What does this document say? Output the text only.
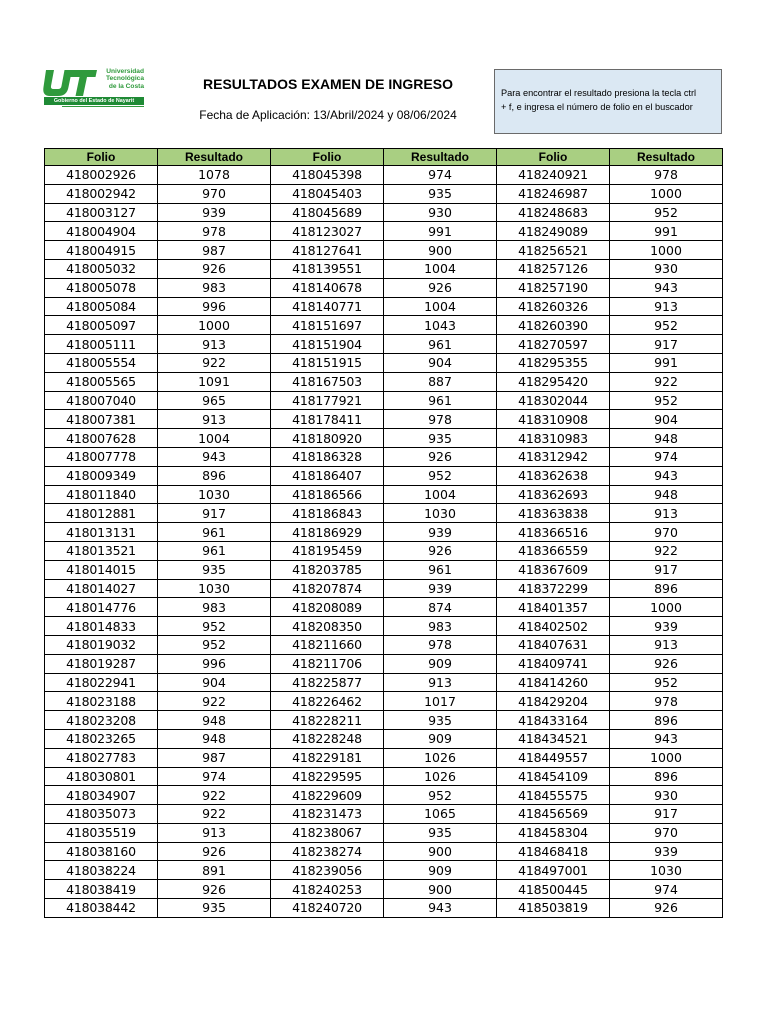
Universidad
Tecnológica
de la Costa
Gobierno del Estado de Nayarit
RESULTADOS EXAMEN DE INGRESO
Fecha de Aplicación: 13/Abril/2024 y 08/06/2024
Para encontrar el resultado presiona la tecla ctrl
+ f, e ingresa el número de folio en el buscador
Folio	Resultado	Folio	Resultado	Folio	Resultado
418002926	1078	418045398	974	418240921	978
418002942	970	418045403	935	418246987	1000
418003127	939	418045689	930	418248683	952
418004904	978	418123027	991	418249089	991
418004915	987	418127641	900	418256521	1000
418005032	926	418139551	1004	418257126	930
418005078	983	418140678	926	418257190	943
418005084	996	418140771	1004	418260326	913
418005097	1000	418151697	1043	418260390	952
418005111	913	418151904	961	418270597	917
418005554	922	418151915	904	418295355	991
418005565	1091	418167503	887	418295420	922
418007040	965	418177921	961	418302044	952
418007381	913	418178411	978	418310908	904
418007628	1004	418180920	935	418310983	948
418007778	943	418186328	926	418312942	974
418009349	896	418186407	952	418362638	943
418011840	1030	418186566	1004	418362693	948
418012881	917	418186843	1030	418363838	913
418013131	961	418186929	939	418366516	970
418013521	961	418195459	926	418366559	922
418014015	935	418203785	961	418367609	917
418014027	1030	418207874	939	418372299	896
418014776	983	418208089	874	418401357	1000
418014833	952	418208350	983	418402502	939
418019032	952	418211660	978	418407631	913
418019287	996	418211706	909	418409741	926
418022941	904	418225877	913	418414260	952
418023188	922	418226462	1017	418429204	978
418023208	948	418228211	935	418433164	896
418023265	948	418228248	909	418434521	943
418027783	987	418229181	1026	418449557	1000
418030801	974	418229595	1026	418454109	896
418034907	922	418229609	952	418455575	930
418035073	922	418231473	1065	418456569	917
418035519	913	418238067	935	418458304	970
418038160	926	418238274	900	418468418	939
418038224	891	418239056	909	418497001	1030
418038419	926	418240253	900	418500445	974
418038442	935	418240720	943	418503819	926
